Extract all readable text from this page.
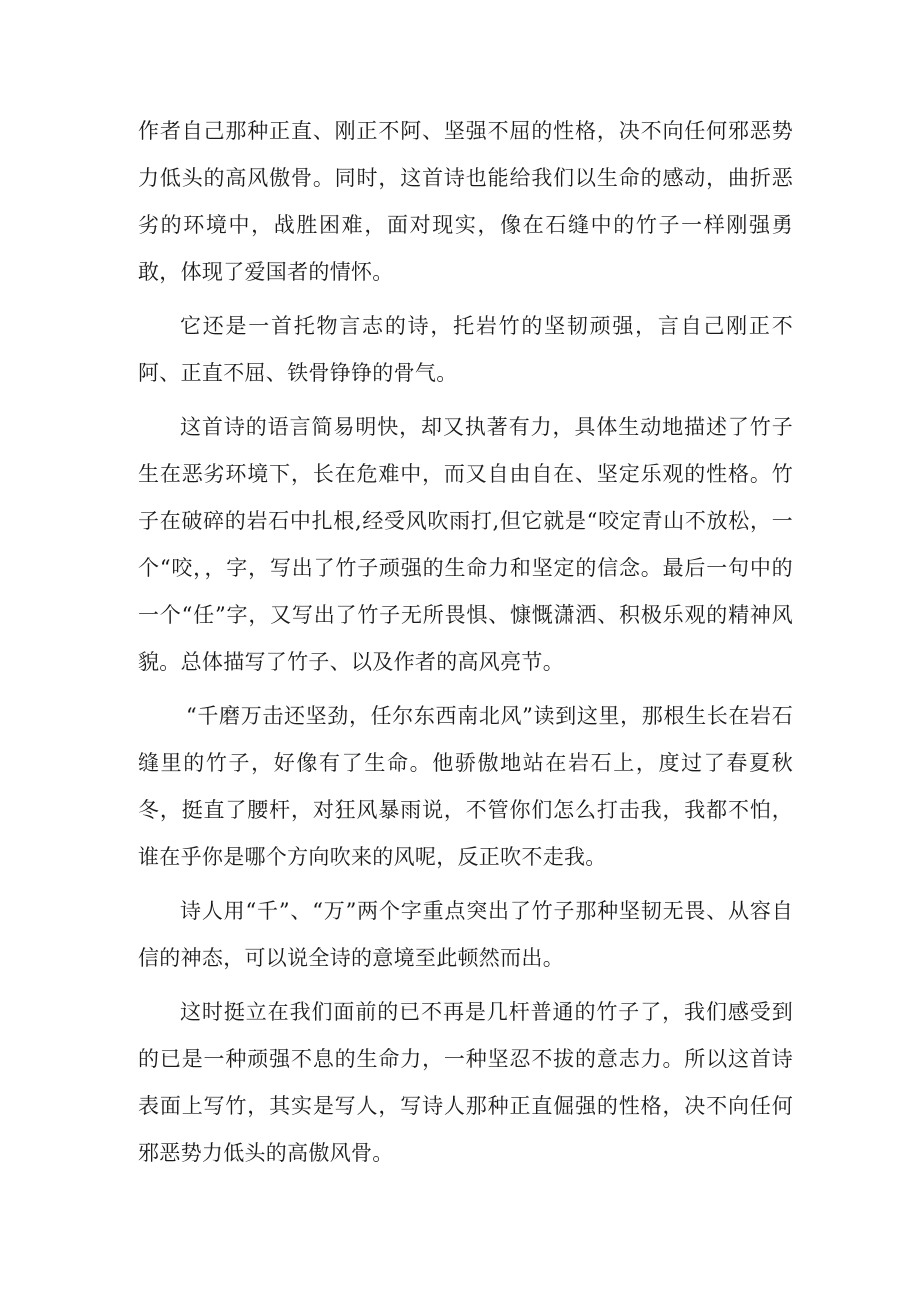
作者自己那种正直、刚正不阿、坚强不屈的性格，决不向任何邪恶势力低头的高风傲骨。同时，这首诗也能给我们以生命的感动，曲折恶劣的环境中，战胜困难，面对现实，像在石缝中的竹子一样刚强勇敢，体现了爱国者的情怀。

它还是一首托物言志的诗，托岩竹的坚韧顽强，言自己刚正不阿、正直不屈、铁骨铮铮的骨气。

这首诗的语言简易明快，却又执著有力，具体生动地描述了竹子生在恶劣环境下，长在危难中，而又自由自在、坚定乐观的性格。竹子在破碎的岩石中扎根,经受风吹雨打,但它就是“咬定青山不放松，一个“咬，，字，写出了竹子顽强的生命力和坚定的信念。最后一句中的一个“任”字，又写出了竹子无所畏惧、慷慨潇洒、积极乐观的精神风貌。总体描写了竹子、以及作者的高风亮节。

“千磨万击还坚劲，任尔东西南北风”读到这里，那根生长在岩石缝里的竹子，好像有了生命。他骄傲地站在岩石上，度过了春夏秋冬，挺直了腰杆，对狂风暴雨说，不管你们怎么打击我，我都不怕，谁在乎你是哪个方向吹来的风呢，反正吹不走我。

诗人用“千”、“万”两个字重点突出了竹子那种坚韧无畏、从容自信的神态，可以说全诗的意境至此顿然而出。

这时挺立在我们面前的已不再是几杆普通的竹子了，我们感受到的已是一种顽强不息的生命力，一种坚忍不拔的意志力。所以这首诗表面上写竹，其实是写人，写诗人那种正直倔强的性格，决不向任何邪恶势力低头的高傲风骨。
